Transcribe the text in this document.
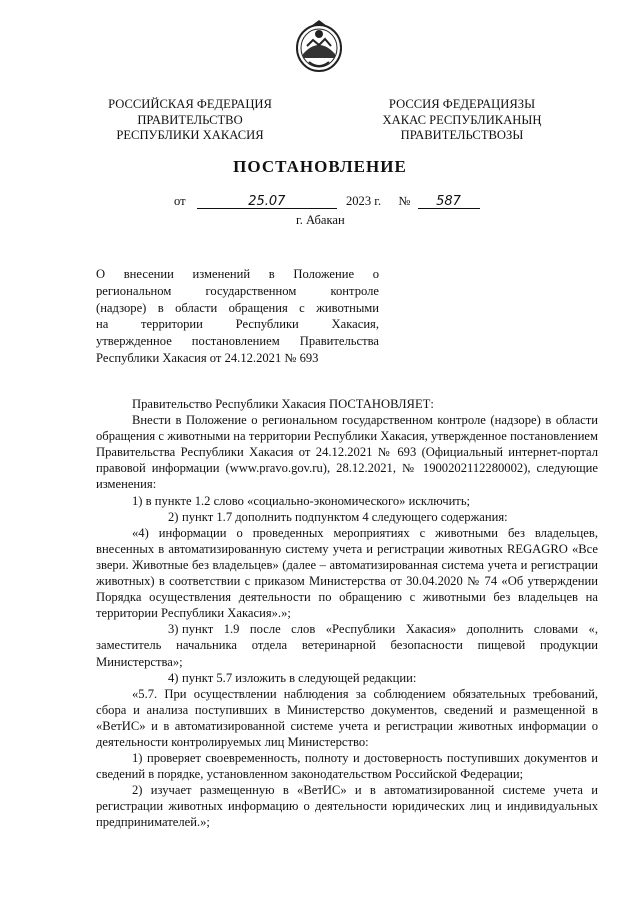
РОССИЙСКАЯ ФЕДЕРАЦИЯ
ПРАВИТЕЛЬСТВО
РЕСПУБЛИКИ ХАКАСИЯ
РОССИЯ ФЕДЕРАЦИЯЗЫ
ХАКАС РЕСПУБЛИКАНЫҢ
ПРАВИТЕЛЬСТВОЗЫ
ПОСТАНОВЛЕНИЕ
от	25.07	2023 г. № 587
г. Абакан
О внесении изменений в Положение о
региональном государственном контроле
(надзоре) в области обращения с животными
на территории Республики Хакасия,
утвержденное постановлением Правительства
Республики Хакасия от 24.12.2021 № 693

Правительство Республики Хакасия ПОСТАНОВЛЯЕТ:

Внести в Положение о региональном государственном контроле (надзоре) в области обращения с животными на территории Республики Хакасия, утвержденное постановлением Правительства Республики Хакасия от 24.12.2021 № 693 (Официальный интернет-портал правовой информации (www.pravo.gov.ru), 28.12.2021, № 1900202112280002), следующие изменения:

1) в пункте 1.2 слово «социально-экономического» исключить;

2) пункт 1.7 дополнить подпунктом 4 следующего содержания:

«4) информации о проведенных мероприятиях с животными без владельцев, внесенных в автоматизированную систему учета и регистрации животных REGAGRO «Все звери. Животные без владельцев» (далее – автоматизированная система учета и регистрации животных) в соответствии с приказом Министерства от 30.04.2020 № 74 «Об утверждении Порядка осуществления деятельности по обращению с животными без владельцев на территории Республики Хакасия».»;

3) пункт 1.9 после слов «Республики Хакасия» дополнить словами «, заместитель начальника отдела ветеринарной безопасности пищевой продукции Министерства»;

4) пункт 5.7 изложить в следующей редакции:

«5.7. При осуществлении наблюдения за соблюдением обязательных требований, сбора и анализа поступивших в Министерство документов, сведений и размещенной в «ВетИС» и в автоматизированной системе учета и регистрации животных информации о деятельности контролируемых лиц Министерство:

1) проверяет своевременность, полноту и достоверность поступивших документов и сведений в порядке, установленном законодательством Российской Федерации;

2) изучает размещенную в «ВетИС» и в автоматизированной системе учета и регистрации животных информацию о деятельности юридических лиц и индивидуальных предпринимателей.»;
